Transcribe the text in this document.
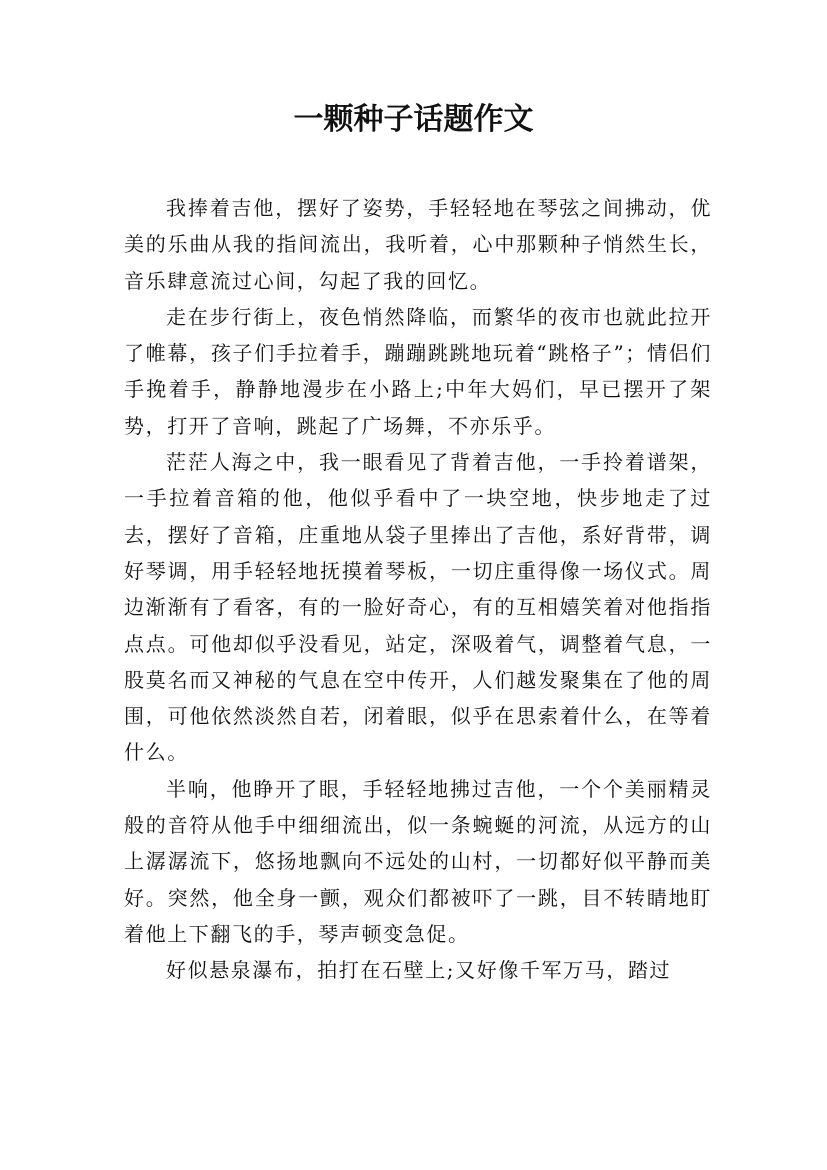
一颗种子话题作文

我捧着吉他，摆好了姿势，手轻轻地在琴弦之间拂动，优美的乐曲从我的指间流出，我听着，心中那颗种子悄然生长，音乐肆意流过心间，勾起了我的回忆。

走在步行街上，夜色悄然降临，而繁华的夜市也就此拉开了帷幕，孩子们手拉着手，蹦蹦跳跳地玩着“跳格子”；情侣们手挽着手，静静地漫步在小路上;中年大妈们，早已摆开了架势，打开了音响，跳起了广场舞，不亦乐乎。

茫茫人海之中，我一眼看见了背着吉他，一手拎着谱架，一手拉着音箱的他，他似乎看中了一块空地，快步地走了过去，摆好了音箱，庄重地从袋子里捧出了吉他，系好背带，调好琴调，用手轻轻地抚摸着琴板，一切庄重得像一场仪式。周边渐渐有了看客，有的一脸好奇心，有的互相嬉笑着对他指指点点。可他却似乎没看见，站定，深吸着气，调整着气息，一股莫名而又神秘的气息在空中传开，人们越发聚集在了他的周围，可他依然淡然自若，闭着眼，似乎在思索着什么，在等着什么。

半响，他睁开了眼，手轻轻地拂过吉他，一个个美丽精灵般的音符从他手中细细流出，似一条蜿蜒的河流，从远方的山上潺潺流下，悠扬地飘向不远处的山村，一切都好似平静而美好。突然，他全身一颤，观众们都被吓了一跳，目不转睛地盯着他上下翻飞的手，琴声顿变急促。

好似悬泉瀑布，拍打在石壁上;又好像千军万马，踏过
